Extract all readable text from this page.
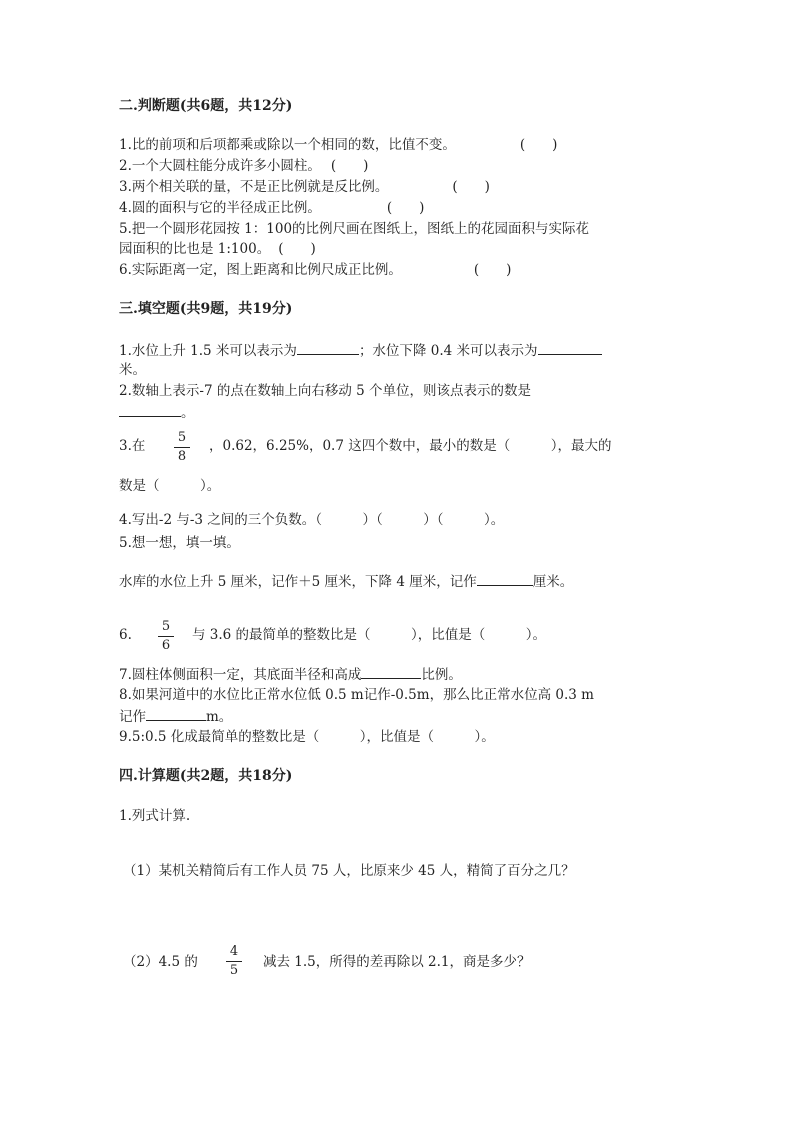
二.判断题(共6题，共12分)
1.比的前项和后项都乘或除以一个相同的数，比值不变。	(　　)
2.一个大圆柱能分成许多小圆柱。 (　　)
3.两个相关联的量，不是正比例就是反比例。	(　　)
4.圆的面积与它的半径成正比例。	(　　)
5.把一个圆形花园按 1：100的比例尺画在图纸上，图纸上的花园面积与实际花
园面积的比也是 1:100。 (　　)
6.实际距离一定，图上距离和比例尺成正比例。	(　　)
三.填空题(共9题，共19分)
1.水位上升 1.5 米可以表示为	；水位下降 0.4 米可以表示为
米。
2.数轴上表示-7 的点在数轴上向右移动 5 个单位，则该点表示的数是
。
3.在
5
8
，0.62，6.25%，0.7 这四个数中，最小的数是（　　　），最大的
数是（　　　）。
4.写出-2 与-3 之间的三个负数。（　　　）（　　　）（　　　）。
5.想一想，填一填。
水库的水位上升 5 厘米，记作＋5 厘米，下降 4 厘米，记作	厘米。
6.
5
6
与 3.6 的最简单的整数比是（　　　），比值是（　　　）。
7.圆柱体侧面积一定，其底面半径和高成	比例。
8.如果河道中的水位比正常水位低 0.5 m记作-0.5m，那么比正常水位高 0.3 m
记作	m。
9.5:0.5 化成最简单的整数比是（　　　），比值是（　　　）。
四.计算题(共2题，共18分)
1.列式计算.
（1）某机关精简后有工作人员 75 人，比原来少 45 人，精简了百分之几？
（2）4.5 的
4
5
减去 1.5，所得的差再除以 2.1，商是多少？
